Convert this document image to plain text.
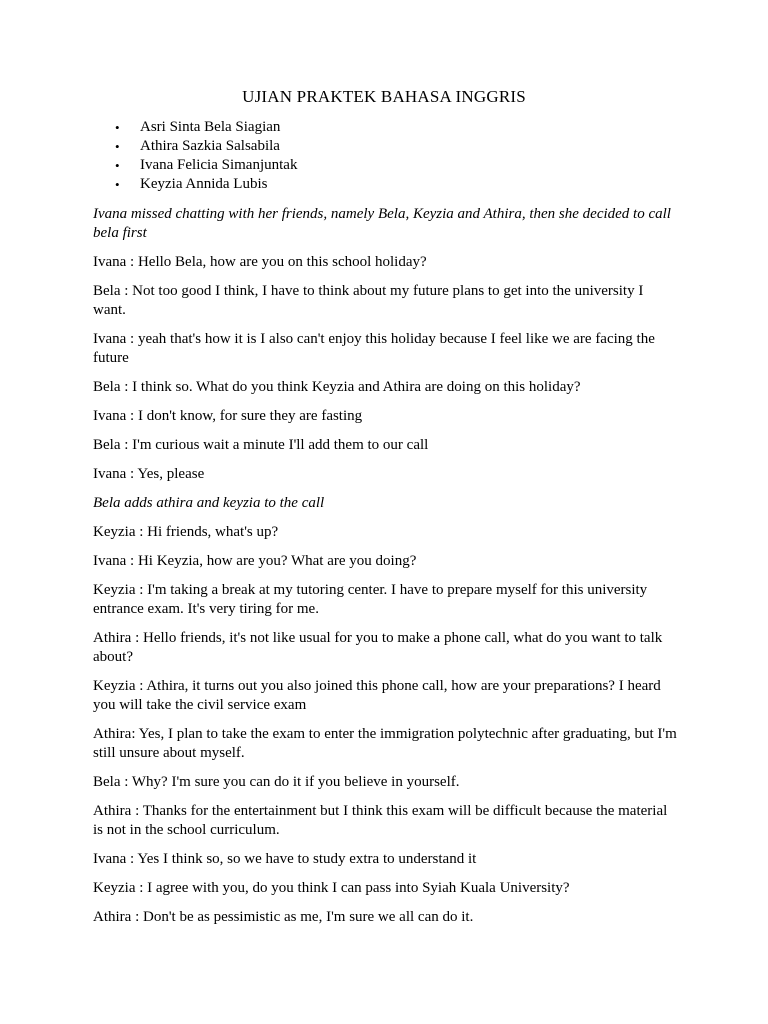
UJIAN PRAKTEK BAHASA INGGRIS
• Asri Sinta Bela Siagian
• Athira Sazkia Salsabila
• Ivana Felicia Simanjuntak
• Keyzia Annida Lubis

Ivana missed chatting with her friends, namely Bela, Keyzia and Athira, then she decided to call bela first

Ivana : Hello Bela, how are you on this school holiday?

Bela : Not too good I think, I have to think about my future plans to get into the university I want.

Ivana : yeah that's how it is I also can't enjoy this holiday because I feel like we are facing the future

Bela : I think so. What do you think Keyzia and Athira are doing on this holiday?

Ivana : I don't know, for sure they are fasting

Bela : I'm curious wait a minute I'll add them to our call

Ivana : Yes, please

Bela adds athira and keyzia to the call

Keyzia : Hi friends, what's up?

Ivana : Hi Keyzia, how are you? What are you doing?

Keyzia : I'm taking a break at my tutoring center. I have to prepare myself for this university entrance exam. It's very tiring for me.

Athira : Hello friends, it's not like usual for you to make a phone call, what do you want to talk about?

Keyzia : Athira, it turns out you also joined this phone call, how are your preparations? I heard you will take the civil service exam

Athira: Yes, I plan to take the exam to enter the immigration polytechnic after graduating, but I'm still unsure about myself.

Bela : Why? I'm sure you can do it if you believe in yourself.

Athira : Thanks for the entertainment but I think this exam will be difficult because the material is not in the school curriculum.

Ivana : Yes I think so, so we have to study extra to understand it

Keyzia : I agree with you, do you think I can pass into Syiah Kuala University?

Athira : Don't be as pessimistic as me, I'm sure we all can do it.
